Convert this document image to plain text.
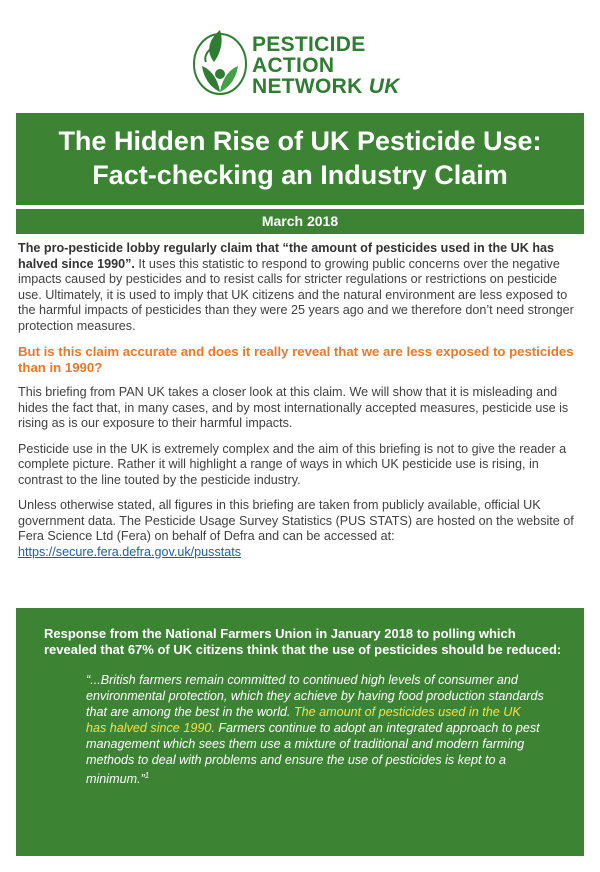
PESTICIDE
ACTION
NETWORK UK
The Hidden Rise of UK Pesticide Use:
Fact-checking an Industry Claim
March 2018

The pro-pesticide lobby regularly claim that “the amount of pesticides used in the UK has halved since 1990”. It uses this statistic to respond to growing public concerns over the negative impacts caused by pesticides and to resist calls for stricter regulations or restrictions on pesticide use. Ultimately, it is used to imply that UK citizens and the natural environment are less exposed to the harmful impacts of pesticides than they were 25 years ago and we therefore don’t need stronger protection measures.

But is this claim accurate and does it really reveal that we are less exposed to pesticides than in 1990?

This briefing from PAN UK takes a closer look at this claim. We will show that it is misleading and hides the fact that, in many cases, and by most internationally accepted measures, pesticide use is rising as is our exposure to their harmful impacts.

Pesticide use in the UK is extremely complex and the aim of this briefing is not to give the reader a complete picture. Rather it will highlight a range of ways in which UK pesticide use is rising, in contrast to the line touted by the pesticide industry.

Unless otherwise stated, all figures in this briefing are taken from publicly available, official UK government data. The Pesticide Usage Survey Statistics (PUS STATS) are hosted on the website of Fera Science Ltd (Fera) on behalf of Defra and can be accessed at:
https://secure.fera.defra.gov.uk/pusstats

Response from the National Farmers Union in January 2018 to polling which revealed that 67% of UK citizens think that the use of pesticides should be reduced:

“...British farmers remain committed to continued high levels of consumer and environmental protection, which they achieve by having food production standards that are among the best in the world. The amount of pesticides used in the UK has halved since 1990. Farmers continue to adopt an integrated approach to pest management which sees them use a mixture of traditional and modern farming methods to deal with problems and ensure the use of pesticides is kept to a minimum.”$^1$
